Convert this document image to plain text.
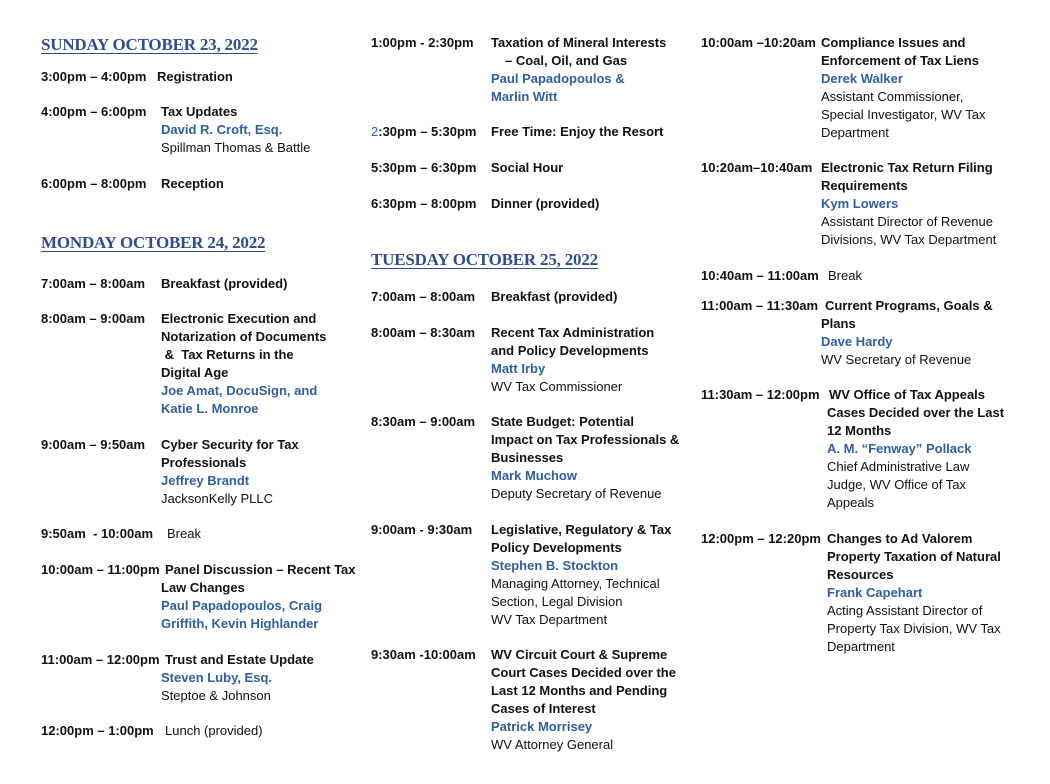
SUNDAY OCTOBER 23, 2022
3:00pm – 4:00pm Registration
4:00pm – 6:00pm Tax Updates
David R. Croft, Esq.
Spillman Thomas & Battle
6:00pm – 8:00pm Reception
MONDAY OCTOBER 24, 2022
7:00am – 8:00am Breakfast (provided)
8:00am – 9:00am Electronic Execution and
Notarization of Documents
&  Tax Returns in the
Digital Age
Joe Amat, DocuSign, and
Katie L. Monroe
9:00am – 9:50am Cyber Security for Tax
Professionals
Jeffrey Brandt
JacksonKelly PLLC
9:50am  - 10:00am Break
10:00am – 11:00pm Panel Discussion – Recent Tax
Law Changes
Paul Papadopoulos, Craig
Griffith, Kevin Highlander
11:00am – 12:00pm Trust and Estate Update
Steven Luby, Esq.
Steptoe & Johnson
12:00pm – 1:00pm Lunch (provided)
1:00pm - 2:30pm Taxation of Mineral Interests
– Coal, Oil, and Gas
Paul Papadopoulos &
Marlin Witt
2:30pm – 5:30pm Free Time: Enjoy the Resort
5:30pm – 6:30pm Social Hour
6:30pm – 8:00pm Dinner (provided)
TUESDAY OCTOBER 25, 2022
7:00am – 8:00am Breakfast (provided)
8:00am – 8:30am Recent Tax Administration
and Policy Developments
Matt Irby
WV Tax Commissioner
8:30am – 9:00am State Budget: Potential
Impact on Tax Professionals &
Businesses
Mark Muchow
Deputy Secretary of Revenue
9:00am - 9:30am Legislative, Regulatory & Tax
Policy Developments
Stephen B. Stockton
Managing Attorney, Technical
Section, Legal Division
WV Tax Department
9:30am -10:00am WV Circuit Court & Supreme
Court Cases Decided over the
Last 12 Months and Pending
Cases of Interest
Patrick Morrisey
WV Attorney General
10:00am –10:20am Compliance Issues and
Enforcement of Tax Liens
Derek Walker
Assistant Commissioner,
Special Investigator, WV Tax
Department
10:20am–10:40am Electronic Tax Return Filing
Requirements
Kym Lowers
Assistant Director of Revenue
Divisions, WV Tax Department
10:40am – 11:00am Break
11:00am – 11:30am Current Programs, Goals &
Plans
Dave Hardy
WV Secretary of Revenue
11:30am – 12:00pm WV Office of Tax Appeals
Cases Decided over the Last
12 Months
A. M. “Fenway” Pollack
Chief Administrative Law
Judge, WV Office of Tax
Appeals
12:00pm – 12:20pm Changes to Ad Valorem
Property Taxation of Natural
Resources
Frank Capehart
Acting Assistant Director of
Property Tax Division, WV Tax
Department
